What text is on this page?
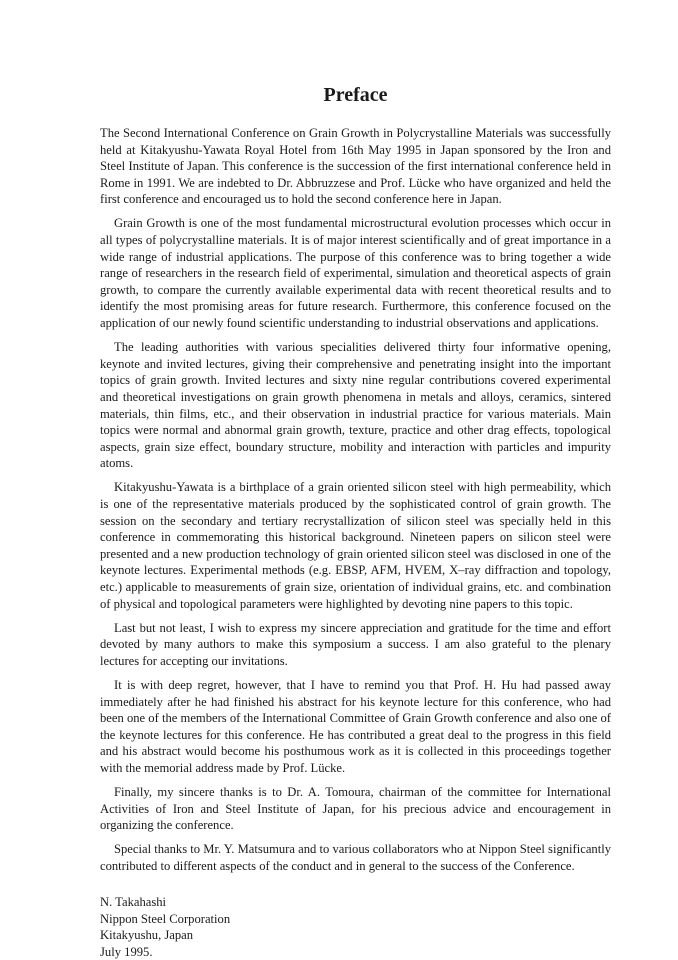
Preface

The Second International Conference on Grain Growth in Polycrystalline Materials was successfully held at Kitakyushu-Yawata Royal Hotel from 16th May 1995 in Japan sponsored by the Iron and Steel Institute of Japan. This conference is the succession of the first international conference held in Rome in 1991. We are indebted to Dr. Abbruzzese and Prof. Lücke who have organized and held the first conference and encouraged us to hold the second conference here in Japan.

Grain Growth is one of the most fundamental microstructural evolution processes which occur in all types of polycrystalline materials. It is of major interest scientifically and of great importance in a wide range of industrial applications. The purpose of this conference was to bring together a wide range of researchers in the research field of experimental, simulation and theoretical aspects of grain growth, to compare the currently available experimental data with recent theoretical results and to identify the most promising areas for future research. Furthermore, this conference focused on the application of our newly found scientific understanding to industrial observations and applications.

The leading authorities with various specialities delivered thirty four informative opening, keynote and invited lectures, giving their comprehensive and penetrating insight into the important topics of grain growth. Invited lectures and sixty nine regular contributions covered experimental and theoretical investigations on grain growth phenomena in metals and alloys, ceramics, sintered materials, thin films, etc., and their observation in industrial practice for various materials. Main topics were normal and abnormal grain growth, texture, practice and other drag effects, topological aspects, grain size effect, boundary structure, mobility and interaction with particles and impurity atoms.

Kitakyushu-Yawata is a birthplace of a grain oriented silicon steel with high permeability, which is one of the representative materials produced by the sophisticated control of grain growth. The session on the secondary and tertiary recrystallization of silicon steel was specially held in this conference in commemorating this historical background. Nineteen papers on silicon steel were presented and a new production technology of grain oriented silicon steel was disclosed in one of the keynote lectures. Experimental methods (e.g. EBSP, AFM, HVEM, X–ray diffraction and topology, etc.) applicable to measurements of grain size, orientation of individual grains, etc. and combination of physical and topological parameters were highlighted by devoting nine papers to this topic.

Last but not least, I wish to express my sincere appreciation and gratitude for the time and effort devoted by many authors to make this symposium a success. I am also grateful to the plenary lectures for accepting our invitations.

It is with deep regret, however, that I have to remind you that Prof. H. Hu had passed away immediately after he had finished his abstract for his keynote lecture for this conference, who had been one of the members of the International Committee of Grain Growth conference and also one of the keynote lectures for this conference. He has contributed a great deal to the progress in this field and his abstract would become his posthumous work as it is collected in this proceedings together with the memorial address made by Prof. Lücke.

Finally, my sincere thanks is to Dr. A. Tomoura, chairman of the committee for International Activities of Iron and Steel Institute of Japan, for his precious advice and encouragement in organizing the conference.

Special thanks to Mr. Y. Matsumura and to various collaborators who at Nippon Steel significantly contributed to different aspects of the conduct and in general to the success of the Conference.

N. Takahashi
Nippon Steel Corporation
Kitakyushu, Japan
July 1995.
